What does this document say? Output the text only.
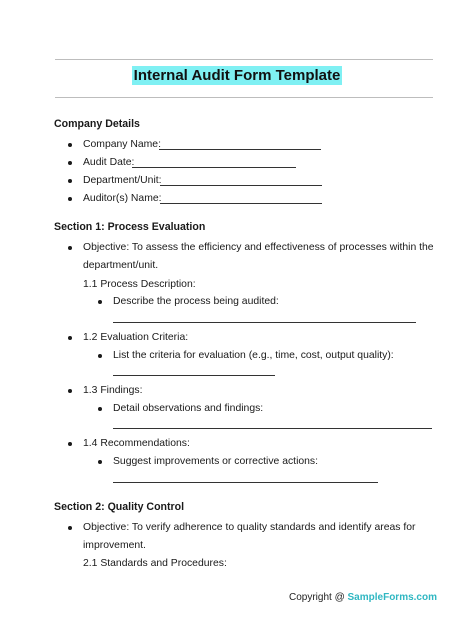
Internal Audit Form Template
Company Details
Company Name:
Audit Date:
Department/Unit:
Auditor(s) Name:
Section 1: Process Evaluation
Objective: To assess the efficiency and effectiveness of processes within the
department/unit.
1.1 Process Description:
Describe the process being audited:
1.2 Evaluation Criteria:
List the criteria for evaluation (e.g., time, cost, output quality):
1.3 Findings:
Detail observations and findings:
1.4 Recommendations:
Suggest improvements or corrective actions:
Section 2: Quality Control
Objective: To verify adherence to quality standards and identify areas for
improvement.
2.1 Standards and Procedures:
Copyright @ SampleForms.com
